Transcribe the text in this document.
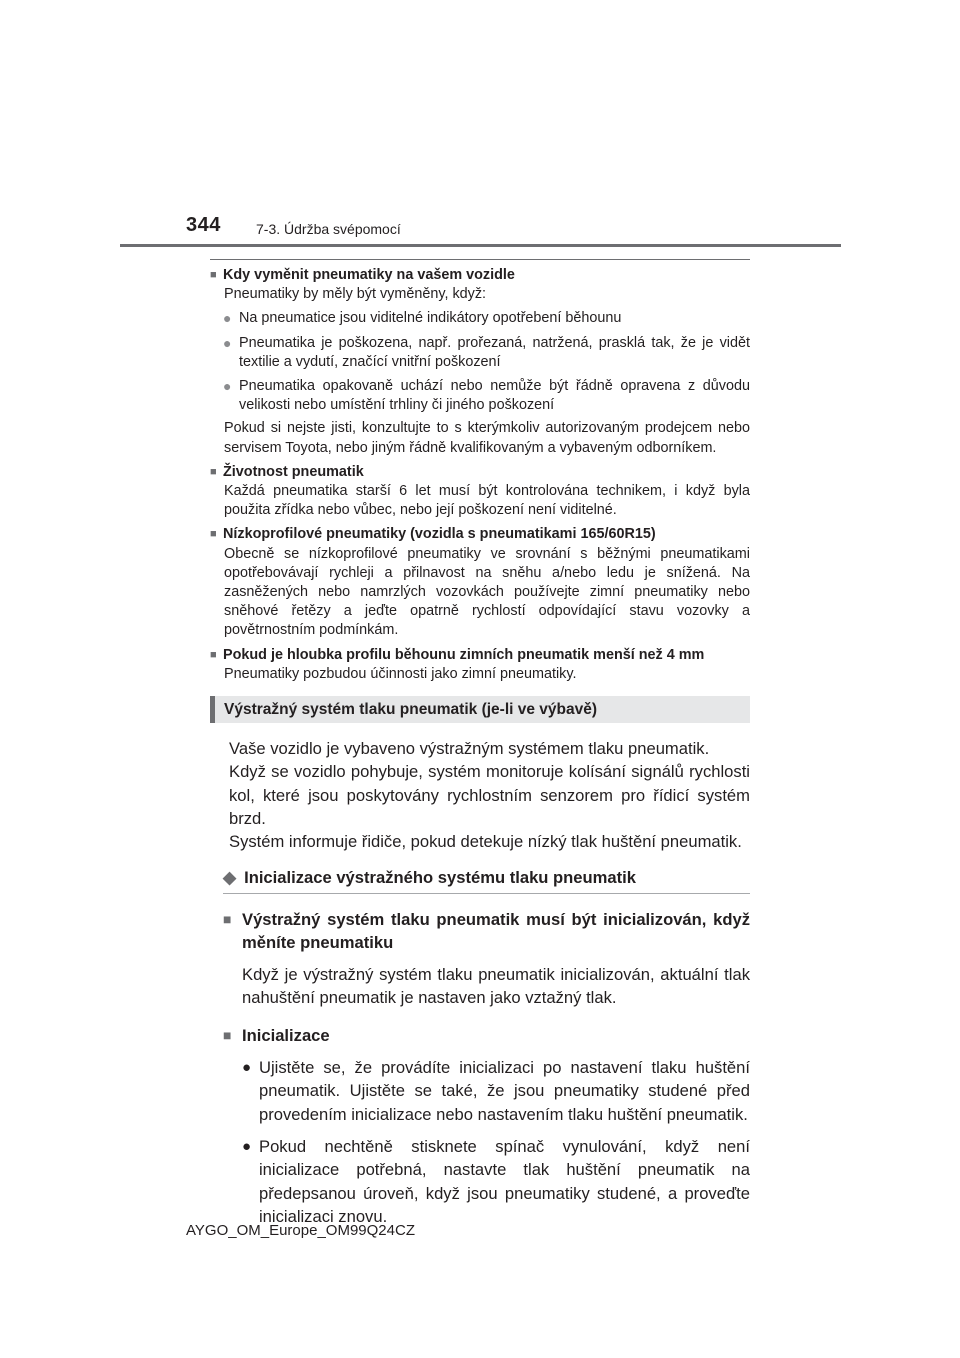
344	7-3. Údržba svépomocí
■ Kdy vyměnit pneumatiky na vašem vozidle
Pneumatiky by měly být vyměněny, když:
● Na pneumatice jsou viditelné indikátory opotřebení běhounu
● Pneumatika je poškozena, např. prořezaná, natržená, prasklá tak, že je vidět textilie a vydutí, značící vnitřní poškození
● Pneumatika opakovaně uchází nebo nemůže být řádně opravena z důvodu velikosti nebo umístění trhliny či jiného poškození
Pokud si nejste jisti, konzultujte to s kterýmkoliv autorizovaným prodejcem nebo servisem Toyota, nebo jiným řádně kvalifikovaným a vybaveným odborníkem.
■ Životnost pneumatik
Každá pneumatika starší 6 let musí být kontrolována technikem, i když byla použita zřídka nebo vůbec, nebo její poškození není viditelné.
■ Nízkoprofilové pneumatiky (vozidla s pneumatikami 165/60R15)
Obecně se nízkoprofilové pneumatiky ve srovnání s běžnými pneumatikami opotřebovávají rychleji a přilnavost na sněhu a/nebo ledu je snížená. Na zasněžených nebo namrzlých vozovkách používejte zimní pneumatiky nebo sněhové řetězy a jeďte opatrně rychlostí odpovídající stavu vozovky a povětrnostním podmínkám.
■ Pokud je hloubka profilu běhounu zimních pneumatik menší než 4 mm
Pneumatiky pozbudou účinnosti jako zimní pneumatiky.
Výstražný systém tlaku pneumatik (je-li ve výbavě)

Vaše vozidlo je vybaveno výstražným systémem tlaku pneumatik.

Když se vozidlo pohybuje, systém monitoruje kolísání signálů rychlosti kol, které jsou poskytovány rychlostním senzorem pro řídicí systém brzd.

Systém informuje řidiče, pokud detekuje nízký tlak huštění pneumatik.

◆ Inicializace výstražného systému tlaku pneumatik
■ Výstražný systém tlaku pneumatik musí být inicializován, když měníte pneumatiku
Když je výstražný systém tlaku pneumatik inicializován, aktuální tlak nahuštění pneumatik je nastaven jako vztažný tlak.
■ Inicializace
● Ujistěte se, že provádíte inicializaci po nastavení tlaku huštění pneumatik. Ujistěte se také, že jsou pneumatiky studené před provedením inicializace nebo nastavením tlaku huštění pneumatik.
● Pokud nechtěně stisknete spínač vynulování, když není inicializace potřebná, nastavte tlak huštění pneumatik na předepsanou úroveň, když jsou pneumatiky studené, a proveďte inicializaci znovu.
AYGO_OM_Europe_OM99Q24CZ
